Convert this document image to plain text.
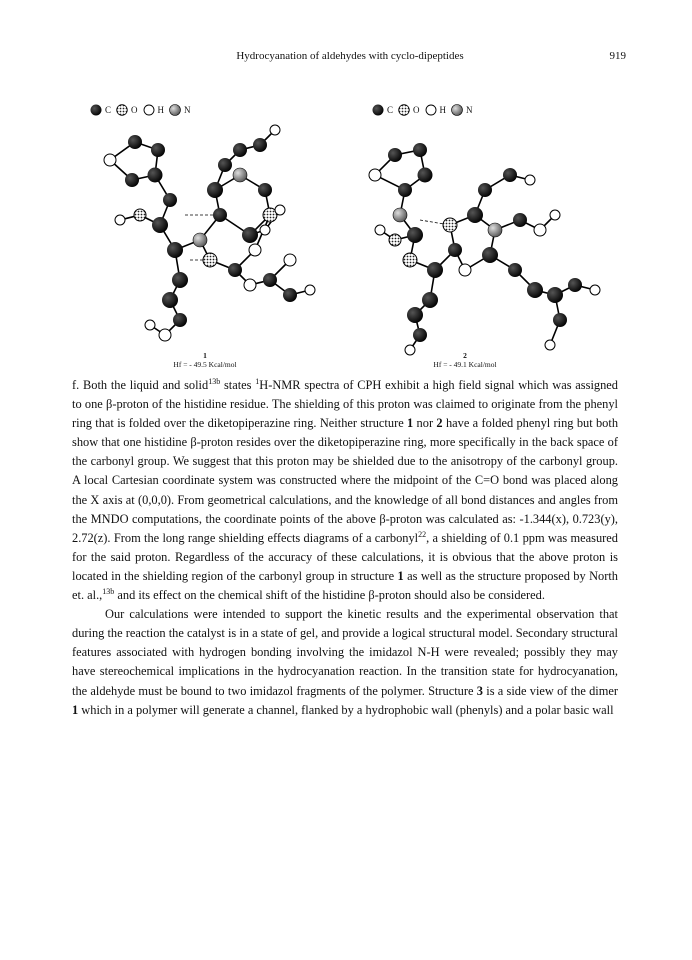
Hydrocyanation of aldehydes with cyclo-dipeptides	919
C O H N	C O H N
1
Hf = - 49.5 Kcal/mol
2
Hf = - 49.1 Kcal/mol

f. Both the liquid and solid$^{13b}$ states $^1$H-NMR spectra of CPH exhibit a high field signal which was assigned to one β-proton of the histidine residue. The shielding of this proton was claimed to originate from the phenyl ring that is folded over the diketopiperazine ring. Neither structure 1 nor 2 have a folded phenyl ring but both show that one histidine β-proton resides over the diketopiperazine ring, more specifically in the back space of the carbonyl group. We suggest that this proton may be shielded due to the anisotropy of the carbonyl group. A local Cartesian coordinate system was constructed where the midpoint of the C=O bond was placed along the X axis at (0,0,0). From geometrical calculations, and the knowledge of all bond distances and angles from the MNDO computations, the coordinate points of the above β-proton was calculated as: -1.344(x), 0.723(y), 2.72(z). From the long range shielding effects diagrams of a carbonyl$^{22}$, a shielding of 0.1 ppm was measured for the said proton. Regardless of the accuracy of these calculations, it is obvious that the above proton is located in the shielding region of the carbonyl group in structure 1 as well as the structure proposed by North et. al.,$^{13b}$ and its effect on the chemical shift of the histidine β-proton should also be considered.

Our calculations were intended to support the kinetic results and the experimental observation that during the reaction the catalyst is in a state of gel, and provide a logical structural model. Secondary structural features associated with hydrogen bonding involving the imidazol N-H were revealed; possibly they may have stereochemical implications in the hydrocyanation reaction. In the transition state for hydrocyanation, the aldehyde must be bound to two imidazol fragments of the polymer. Structure 3 is a side view of the dimer 1 which in a polymer will generate a channel, flanked by a hydrophobic wall (phenyls) and a polar basic wall
